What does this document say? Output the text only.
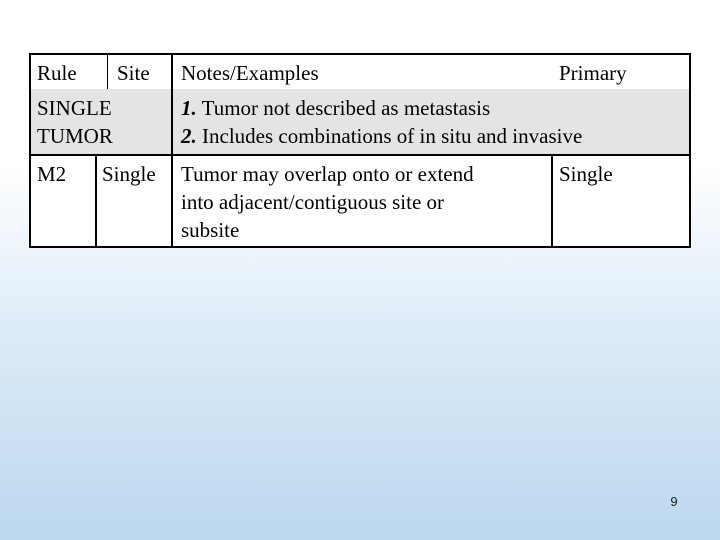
Rule Site Notes/Examples	Primary
SINGLE
TUMOR
1. Tumor not described as metastasis
2. Includes combinations of in situ and invasive
M2 Single Tumor may overlap onto or extend
into adjacent/contiguous site or
subsite
Single
9
